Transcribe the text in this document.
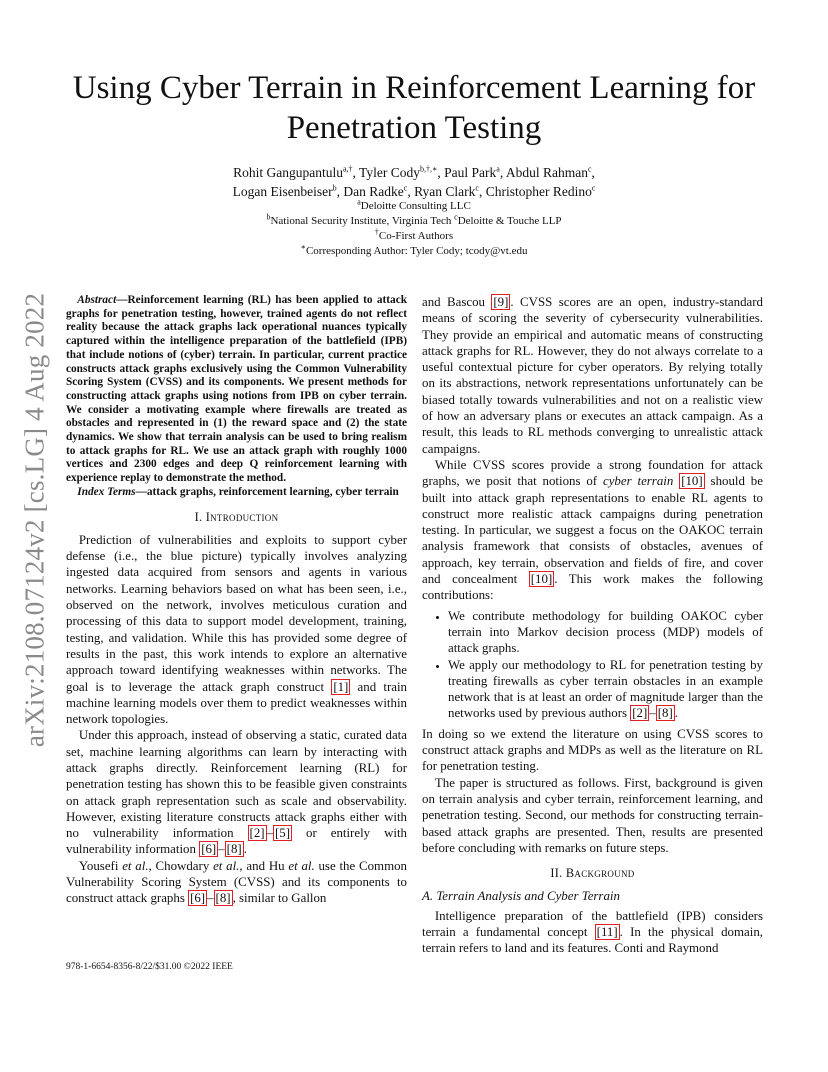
arXiv:2108.07124v2 [cs.LG] 4 Aug 2022
Using Cyber Terrain in Reinforcement Learning for
Penetration Testing
Rohit Gangupantulu$^{a,\dagger}$, Tyler Cody$^{b,\dagger,∗}$, Paul Park$^a$, Abdul Rahman$^c$,
Logan Eisenbeiser$^b$, Dan Radke$^c$, Ryan Clark$^c$, Christopher Redino$^c$
$^a$Deloitte Consulting LLC
$^b$National Security Institute, Virginia Tech $^c$Deloitte & Touche LLP
†Co-First Authors
∗Corresponding Author: Tyler Cody; tcody@vt.edu

Abstract—Reinforcement learning (RL) has been applied to attack graphs for penetration testing, however, trained agents do not reflect reality because the attack graphs lack operational nuances typically captured within the intelligence preparation of the battlefield (IPB) that include notions of (cyber) terrain. In particular, current practice constructs attack graphs exclusively using the Common Vulnerability Scoring System (CVSS) and its components. We present methods for constructing attack graphs using notions from IPB on cyber terrain. We consider a motivating example where firewalls are treated as obstacles and represented in (1) the reward space and (2) the state dynamics. We show that terrain analysis can be used to bring realism to attack graphs for RL. We use an attack graph with roughly 1000 vertices and 2300 edges and deep Q reinforcement learning with experience replay to demonstrate the method.

Index Terms—attack graphs, reinforcement learning, cyber terrain

I. Introduction

Prediction of vulnerabilities and exploits to support cyber defense (i.e., the blue picture) typically involves analyzing ingested data acquired from sensors and agents in various networks. Learning behaviors based on what has been seen, i.e., observed on the network, involves meticulous curation and processing of this data to support model development, training, testing, and validation. While this has provided some degree of results in the past, this work intends to explore an alternative approach toward identifying weaknesses within networks. The goal is to leverage the attack graph construct [1] and train machine learning models over them to predict weaknesses within network topologies.

Under this approach, instead of observing a static, curated data set, machine learning algorithms can learn by interacting with attack graphs directly. Reinforcement learning (RL) for penetration testing has shown this to be feasible given constraints on attack graph representation such as scale and observability. However, existing literature constructs attack graphs either with no vulnerability information [2] – [5] or entirely with vulnerability information [6] – [8] .

Yousefi et al., Chowdary et al., and Hu et al. use the Common Vulnerability Scoring System (CVSS) and its components to construct attack graphs [6] – [8] , similar to Gallon

and Bascou [9] . CVSS scores are an open, industry-standard means of scoring the severity of cybersecurity vulnerabilities. They provide an empirical and automatic means of constructing attack graphs for RL. However, they do not always correlate to a useful contextual picture for cyber operators. By relying totally on its abstractions, network representations unfortunately can be biased totally towards vulnerabilities and not on a realistic view of how an adversary plans or executes an attack campaign. As a result, this leads to RL methods converging to unrealistic attack campaigns.

While CVSS scores provide a strong foundation for attack graphs, we posit that notions of cyber terrain [10] should be built into attack graph representations to enable RL agents to construct more realistic attack campaigns during penetration testing. In particular, we suggest a focus on the OAKOC terrain analysis framework that consists of obstacles, avenues of approach, key terrain, observation and fields of fire, and cover and concealment [10] . This work makes the following contributions:

• We contribute methodology for building OAKOC cyber terrain into Markov decision process (MDP) models of attack graphs.
• We apply our methodology to RL for penetration testing by treating firewalls as cyber terrain obstacles in an example network that is at least an order of magnitude larger than the networks used by previous authors [2] – [8] .

In doing so we extend the literature on using CVSS scores to construct attack graphs and MDPs as well as the literature on RL for penetration testing.

The paper is structured as follows. First, background is given on terrain analysis and cyber terrain, reinforcement learning, and penetration testing. Second, our methods for constructing terrain-based attack graphs are presented. Then, results are presented before concluding with remarks on future steps.

II. Background

A. Terrain Analysis and Cyber Terrain

Intelligence preparation of the battlefield (IPB) considers terrain a fundamental concept [11] . In the physical domain, terrain refers to land and its features. Conti and Raymond

978-1-6654-8356-8/22/$31.00 ©2022 IEEE
